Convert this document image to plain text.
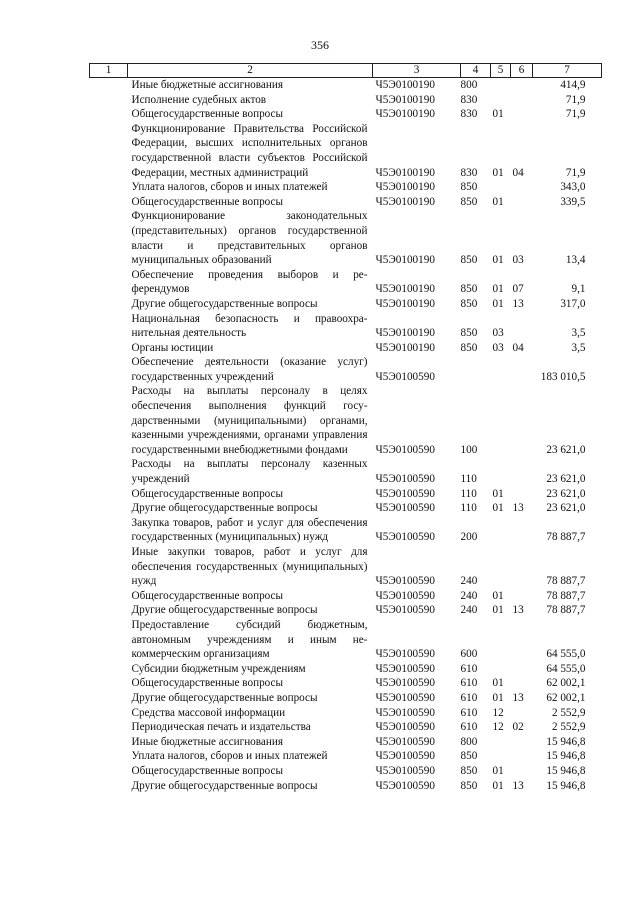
356
1	2	3	4	5	6	7
	Иные бюджетные ассигнования	Ч5Э0100190	800			414,9
	Исполнение судебных актов	Ч5Э0100190	830			71,9
	Общегосударственные вопросы	Ч5Э0100190	830	01		71,9
	Функционирование Правительства Российской Федерации, высших исполнительных органов государственной власти субъектов Российской Федерации, местных администраций	Ч5Э0100190	830	01	04	71,9
	Уплата налогов, сборов и иных платежей	Ч5Э0100190	850			343,0
	Общегосударственные вопросы	Ч5Э0100190	850	01		339,5
	Функционирование законодательных (представительных) органов государственной власти и представительных органов муниципальных образований	Ч5Э0100190	850	01	03	13,4
	Обеспечение проведения выборов и референдумов	Ч5Э0100190	850	01	07	9,1
	Другие общегосударственные вопросы	Ч5Э0100190	850	01	13	317,0
	Национальная безопасность и правоохранительная деятельность	Ч5Э0100190	850	03		3,5
	Органы юстиции	Ч5Э0100190	850	03	04	3,5
	Обеспечение деятельности (оказание услуг) государственных учреждений	Ч5Э0100590				183 010,5
	Расходы на выплаты персоналу в целях обеспечения выполнения функций государственными (муниципальными) органами, казенными учреждениями, органами управления государственными внебюджетными фондами	Ч5Э0100590	100			23 621,0
	Расходы на выплаты персоналу казенных учреждений	Ч5Э0100590	110			23 621,0
	Общегосударственные вопросы	Ч5Э0100590	110	01		23 621,0
	Другие общегосударственные вопросы	Ч5Э0100590	110	01	13	23 621,0
	Закупка товаров, работ и услуг для обеспечения государственных (муниципальных) нужд	Ч5Э0100590	200			78 887,7
	Иные закупки товаров, работ и услуг для обеспечения государственных (муниципальных) нужд	Ч5Э0100590	240			78 887,7
	Общегосударственные вопросы	Ч5Э0100590	240	01		78 887,7
	Другие общегосударственные вопросы	Ч5Э0100590	240	01	13	78 887,7
	Предоставление субсидий бюджетным, автономным учреждениям и иным некоммерческим организациям	Ч5Э0100590	600			64 555,0
	Субсидии бюджетным учреждениям	Ч5Э0100590	610			64 555,0
	Общегосударственные вопросы	Ч5Э0100590	610	01		62 002,1
	Другие общегосударственные вопросы	Ч5Э0100590	610	01	13	62 002,1
	Средства массовой информации	Ч5Э0100590	610	12		2 552,9
	Периодическая печать и издательства	Ч5Э0100590	610	12	02	2 552,9
	Иные бюджетные ассигнования	Ч5Э0100590	800			15 946,8
	Уплата налогов, сборов и иных платежей	Ч5Э0100590	850			15 946,8
	Общегосударственные вопросы	Ч5Э0100590	850	01		15 946,8
	Другие общегосударственные вопросы	Ч5Э0100590	850	01	13	15 946,8
